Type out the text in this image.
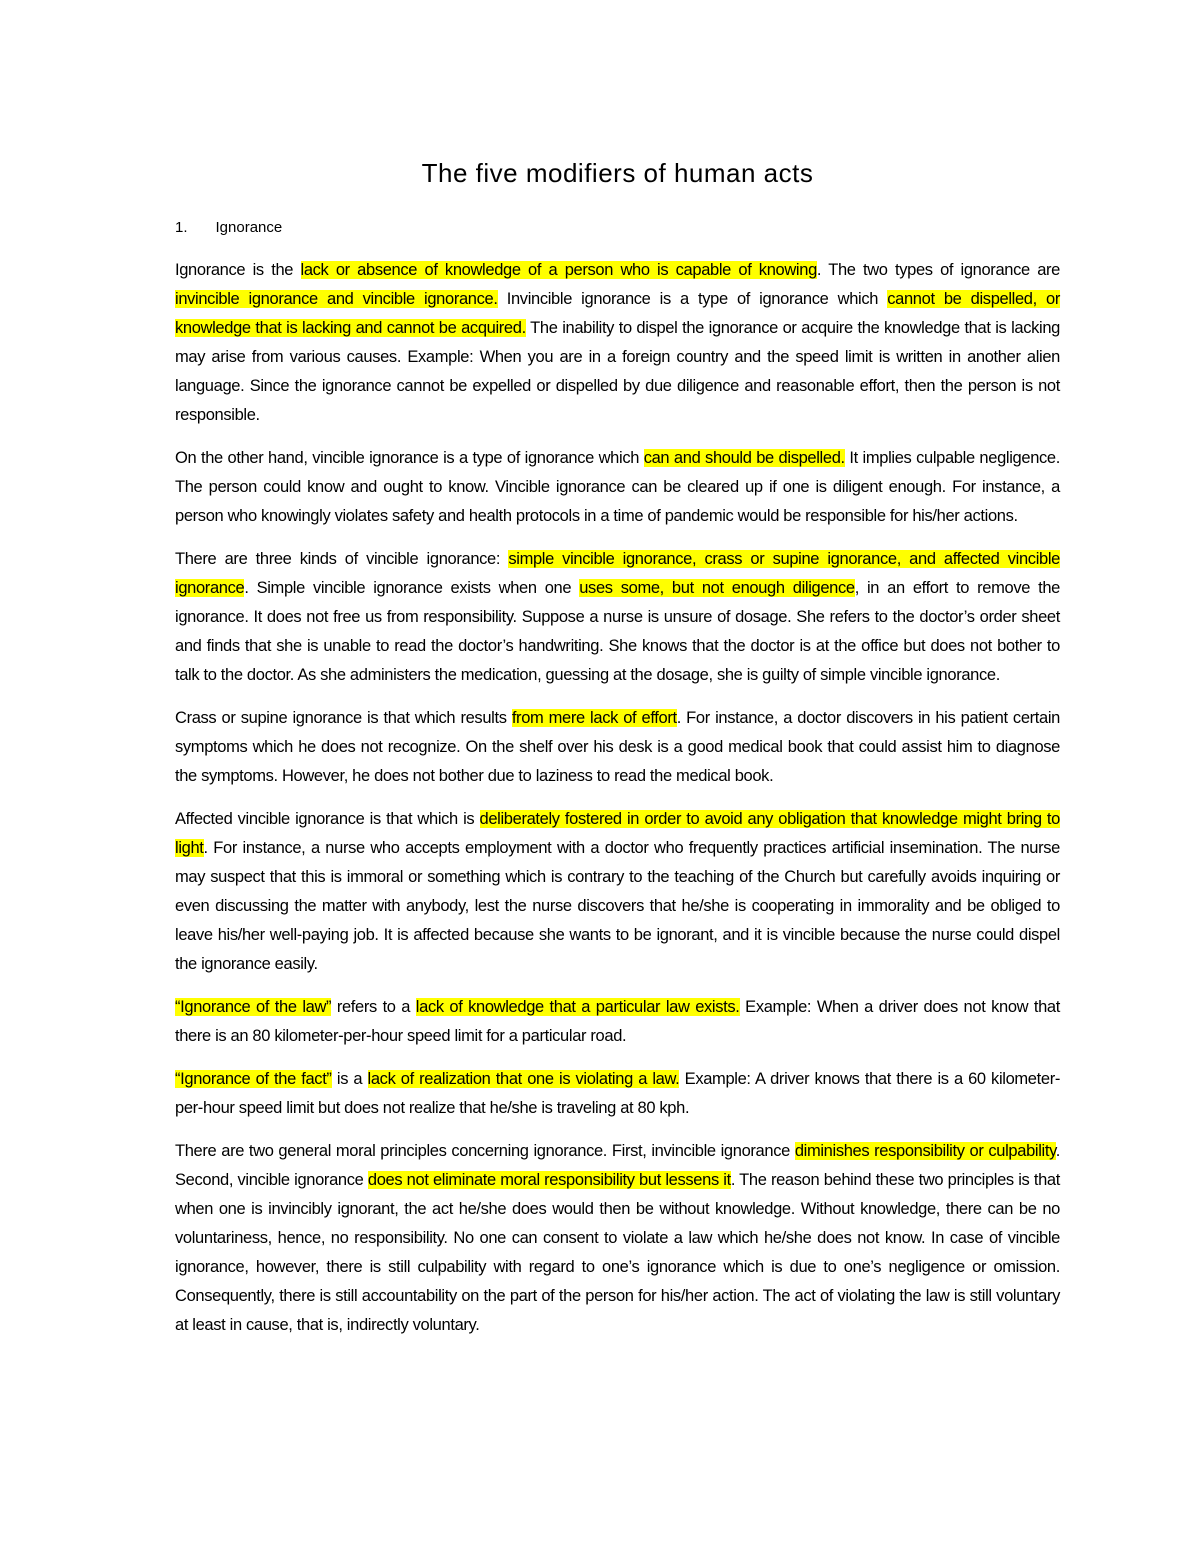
The five modifiers of human acts
1. Ignorance

Ignorance is the lack or absence of knowledge of a person who is capable of knowing. The two types of ignorance are invincible ignorance and vincible ignorance. Invincible ignorance is a type of ignorance which cannot be dispelled, or knowledge that is lacking and cannot be acquired. The inability to dispel the ignorance or acquire the knowledge that is lacking may arise from various causes. Example: When you are in a foreign country and the speed limit is written in another alien language. Since the ignorance cannot be expelled or dispelled by due diligence and reasonable effort, then the person is not responsible.

On the other hand, vincible ignorance is a type of ignorance which can and should be dispelled. It implies culpable negligence. The person could know and ought to know. Vincible ignorance can be cleared up if one is diligent enough. For instance, a person who knowingly violates safety and health protocols in a time of pandemic would be responsible for his/her actions.

There are three kinds of vincible ignorance: simple vincible ignorance, crass or supine ignorance, and affected vincible ignorance. Simple vincible ignorance exists when one uses some, but not enough diligence, in an effort to remove the ignorance. It does not free us from responsibility. Suppose a nurse is unsure of dosage. She refers to the doctor’s order sheet and finds that she is unable to read the doctor’s handwriting. She knows that the doctor is at the office but does not bother to talk to the doctor. As she administers the medication, guessing at the dosage, she is guilty of simple vincible ignorance.

Crass or supine ignorance is that which results from mere lack of effort. For instance, a doctor discovers in his patient certain symptoms which he does not recognize. On the shelf over his desk is a good medical book that could assist him to diagnose the symptoms. However, he does not bother due to laziness to read the medical book.

Affected vincible ignorance is that which is deliberately fostered in order to avoid any obligation that knowledge might bring to light. For instance, a nurse who accepts employment with a doctor who frequently practices artificial insemination. The nurse may suspect that this is immoral or something which is contrary to the teaching of the Church but carefully avoids inquiring or even discussing the matter with anybody, lest the nurse discovers that he/she is cooperating in immorality and be obliged to leave his/her well-paying job. It is affected because she wants to be ignorant, and it is vincible because the nurse could dispel the ignorance easily.

“Ignorance of the law” refers to a lack of knowledge that a particular law exists. Example: When a driver does not know that there is an 80 kilometer-per-hour speed limit for a particular road.

“Ignorance of the fact” is a lack of realization that one is violating a law. Example: A driver knows that there is a 60 kilometer-per-hour speed limit but does not realize that he/she is traveling at 80 kph.

There are two general moral principles concerning ignorance. First, invincible ignorance diminishes responsibility or culpability. Second, vincible ignorance does not eliminate moral responsibility but lessens it. The reason behind these two principles is that when one is invincibly ignorant, the act he/she does would then be without knowledge. Without knowledge, there can be no voluntariness, hence, no responsibility. No one can consent to violate a law which he/she does not know. In case of vincible ignorance, however, there is still culpability with regard to one’s ignorance which is due to one’s negligence or omission. Consequently, there is still accountability on the part of the person for his/her action. The act of violating the law is still voluntary at least in cause, that is, indirectly voluntary.
